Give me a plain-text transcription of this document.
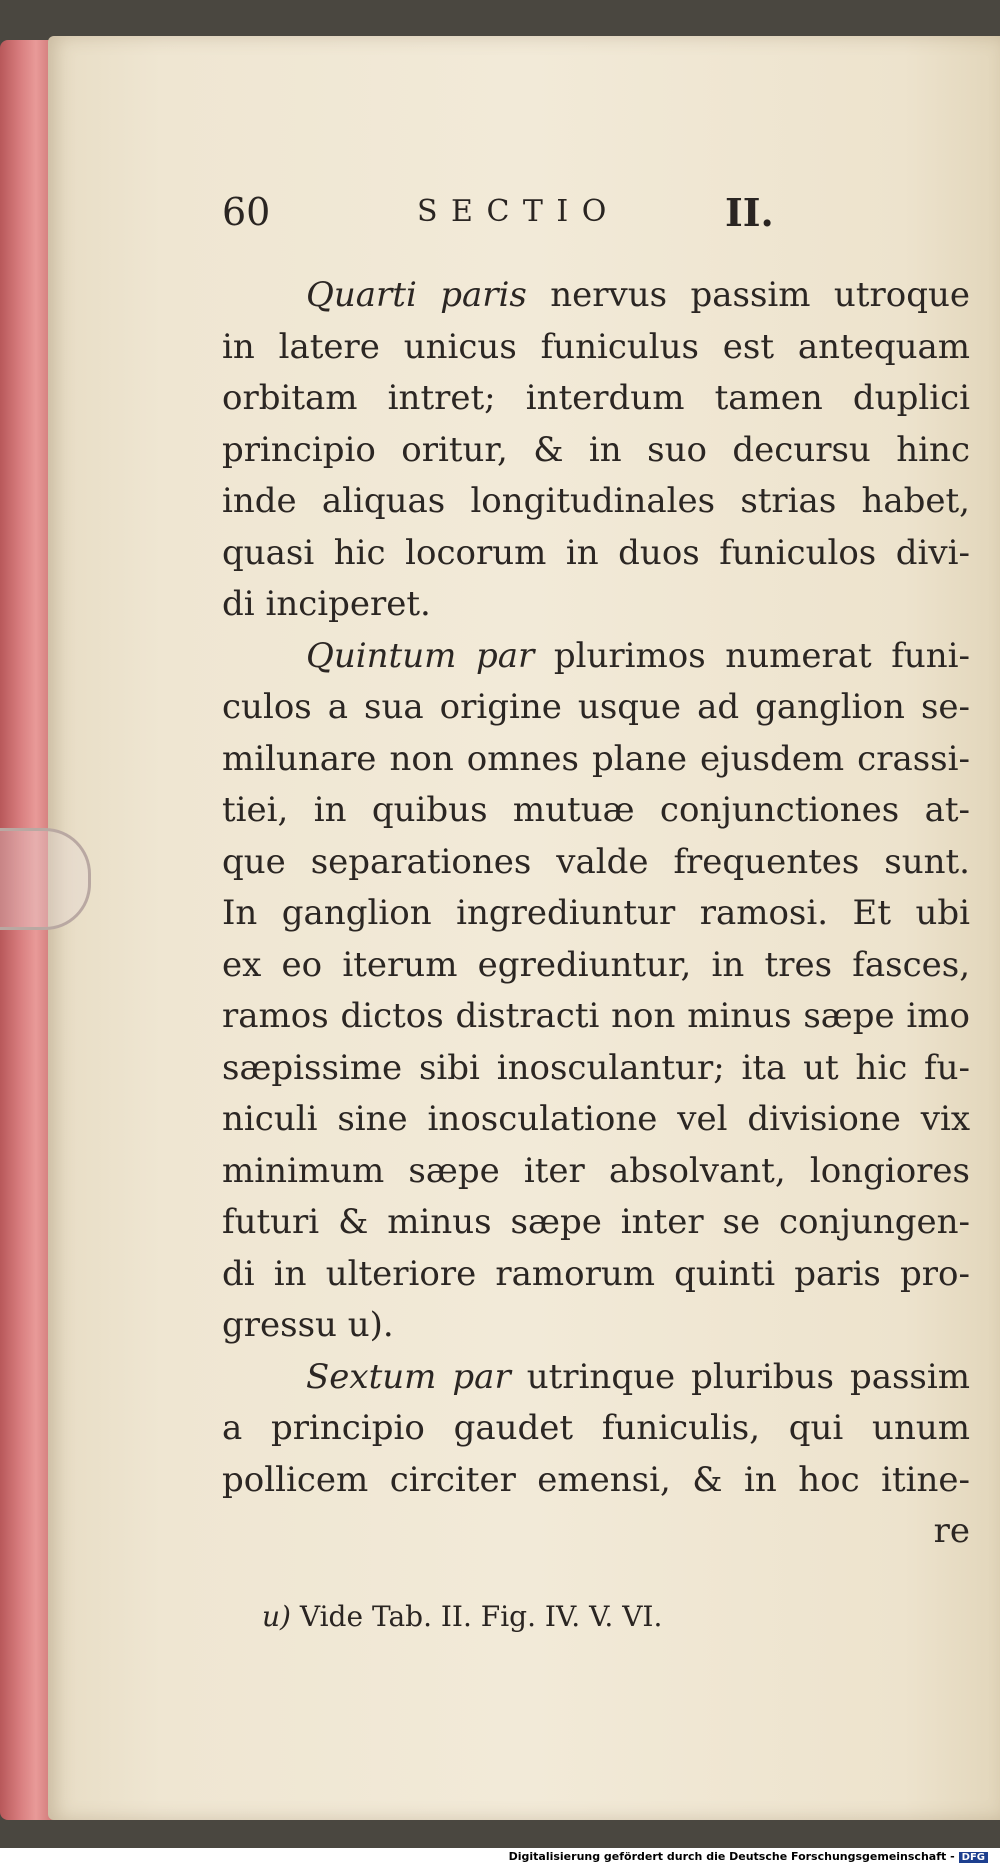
60	SECTIO	II.
Quarti paris nervus passim utroque
in latere unicus funiculus est antequam
orbitam intret; interdum tamen duplici
principio oritur, & in suo decursu hinc
inde aliquas longitudinales strias habet,
quasi hic locorum in duos funiculos divi-
di inciperet.
Quintum par plurimos numerat funi-
culos a sua origine usque ad ganglion se-
milunare non omnes plane ejusdem crassi-
tiei, in quibus mutuæ conjunctiones at-
que separationes valde frequentes sunt.
In ganglion ingrediuntur ramosi. Et ubi
ex eo iterum egrediuntur, in tres fasces,
ramos dictos distracti non minus sæpe imo
sæpissime sibi inosculantur; ita ut hic fu-
niculi sine inosculatione vel divisione vix
minimum sæpe iter absolvant, longiores
futuri & minus sæpe inter se conjungen-
di in ulteriore ramorum quinti paris pro-
gressu u).
Sextum par utrinque pluribus passim
a principio gaudet funiculis, qui unum
pollicem circiter emensi, & in hoc itine-
re
u) Vide Tab. II. Fig. IV. V. VI.
Digitalisierung gefördert durch die Deutsche Forschungsgemeinschaft - DFG
